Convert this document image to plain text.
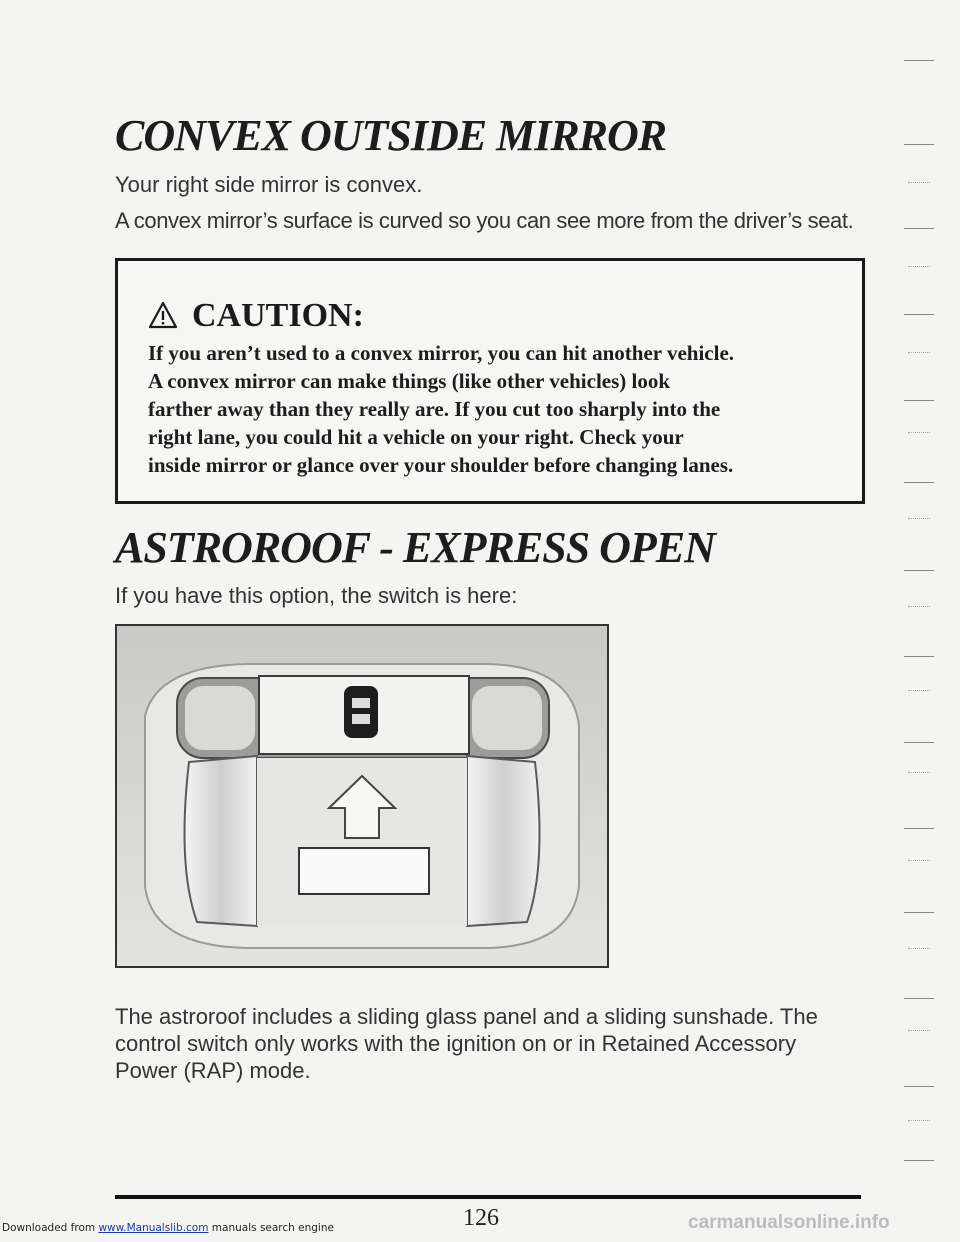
CONVEX OUTSIDE MIRROR

Your right side mirror is convex.

A convex mirror’s surface is curved so you can see more from the driver’s seat.

CAUTION:
If you aren’t used to a convex mirror, you can hit another vehicle.
A convex mirror can make things (like other vehicles) look
farther away than they really are. If you cut too sharply into the
right lane, you could hit a vehicle on your right. Check your
inside mirror or glance over your shoulder before changing lanes.
ASTROROOF - EXPRESS OPEN

If you have this option, the switch is here:

The astroroof includes a sliding glass panel and a sliding sunshade. The control switch only works with the ignition on or in Retained Accessory Power (RAP) mode.

126
Downloaded from www.Manualslib.com manuals search engine	carmanualsonline.info
